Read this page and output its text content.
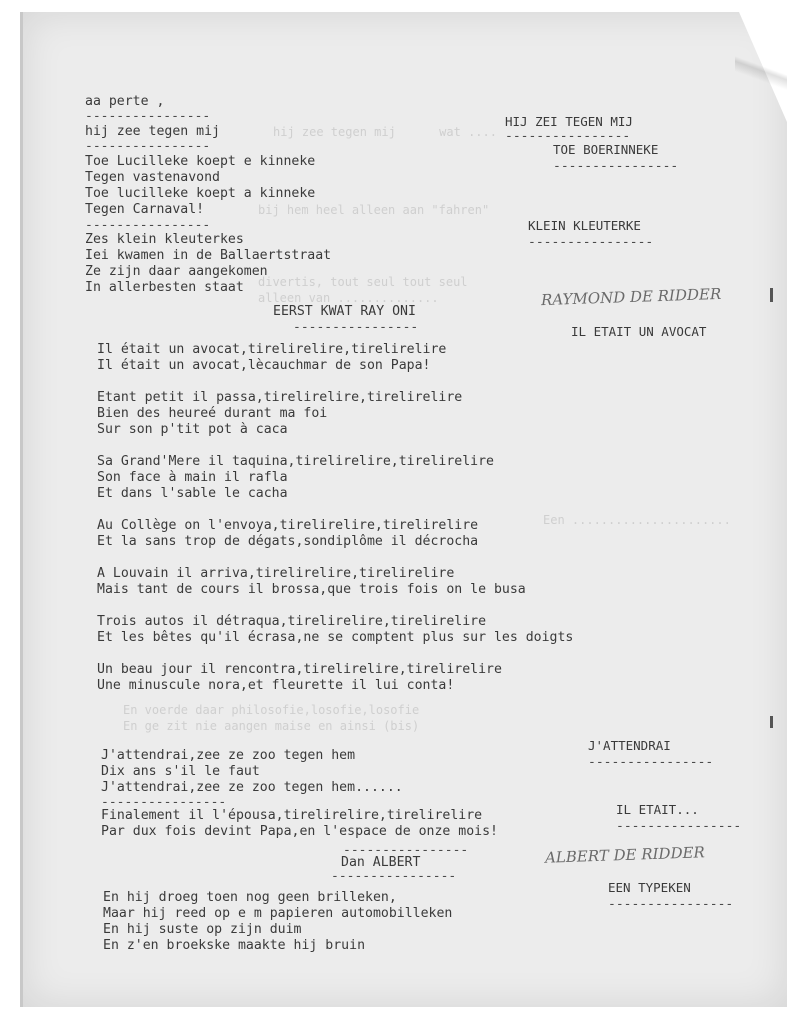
hij zee tegen mij      wat ....
bij hem heel alleen aan "fahren"
divertis, tout seul tout seul
alleen van ..............
Een ......................
En voerde daar philosofie,losofie,losofie
En ge zit nie aangen maise en ainsi (bis)
aa perte ,
----------------
hij zee tegen mij
----------------
Toe Lucilleke koept e kinneke
Tegen vastenavond
Toe lucilleke koept a kinneke
Tegen Carnaval!
----------------
Zes klein kleuterkes
Iei kwamen in de Ballaertstraat
Ze zijn daar aangekomen
In allerbesten staat
EERST KWAT RAY ONI
----------------
Il était un avocat,tirelirelire,tirelirelire
Il était un avocat,lècauchmar de son Papa!
Etant petit il passa,tirelirelire,tirelirelire
Bien des heureé durant ma foi
Sur son p'tit pot à caca
Sa Grand'Mere il taquina,tirelirelire,tirelirelire
Son face à main il rafla
Et dans l'sable le cacha
Au Collège on l'envoya,tirelirelire,tirelirelire
Et la sans trop de dégats,sondiplôme il décrocha
A Louvain il arriva,tirelirelire,tirelirelire
Mais tant de cours il brossa,que trois fois on le busa
Trois autos il détraqua,tirelirelire,tirelirelire
Et les bêtes qu'il écrasa,ne se comptent plus sur les doigts
Un beau jour il rencontra,tirelirelire,tirelirelire
Une minuscule nora,et fleurette il lui conta!
J'attendrai,zee ze zoo tegen hem
Dix ans s'il le faut
J'attendrai,zee ze zoo tegen hem......
----------------
Finalement il l'épousa,tirelirelire,tirelirelire
Par dux fois devint Papa,en l'espace de onze mois!
----------------
Dan ALBERT
----------------
En hij droeg toen nog geen brilleken,
Maar hij reed op e m papieren automobilleken
En hij suste op zijn duim
En z'en broekske maakte hij bruin
HIJ ZEI TEGEN MIJ
----------------
TOE BOERINNEKE
----------------
KLEIN KLEUTERKE
----------------
RAYMOND DE RIDDER
IL ETAIT UN AVOCAT
J'ATTENDRAI
----------------
IL ETAIT...
----------------
ALBERT DE RIDDER
EEN TYPEKEN
----------------
